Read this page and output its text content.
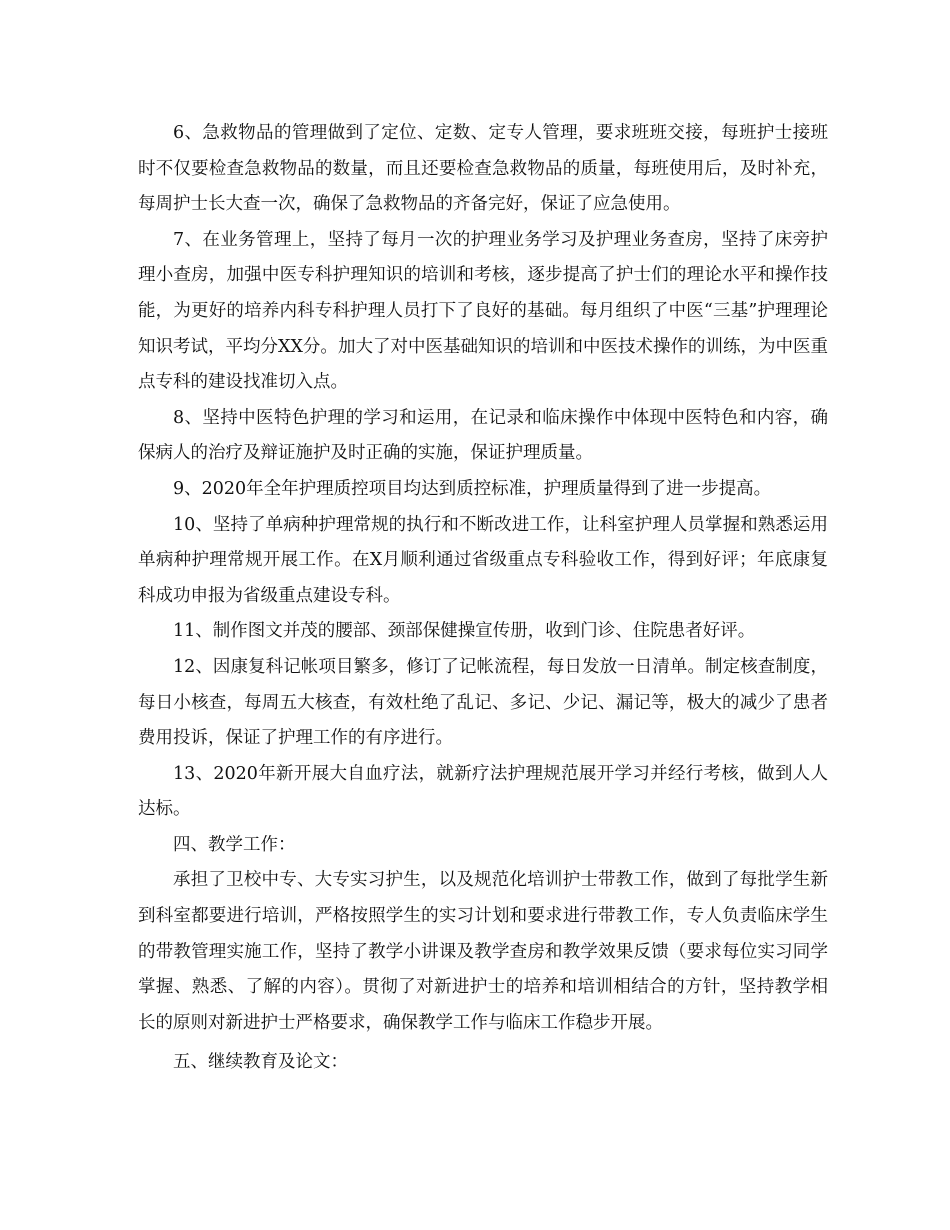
6、急救物品的管理做到了定位、定数、定专人管理，要求班班交接，每班护士接班时不仅要检查急救物品的数量，而且还要检查急救物品的质量，每班使用后，及时补充，每周护士长大查一次，确保了急救物品的齐备完好，保证了应急使用。

7、在业务管理上，坚持了每月一次的护理业务学习及护理业务查房，坚持了床旁护理小查房，加强中医专科护理知识的培训和考核，逐步提高了护士们的理论水平和操作技能，为更好的培养内科专科护理人员打下了良好的基础。每月组织了中医“三基”护理理论知识考试，平均分XX分。加大了对中医基础知识的培训和中医技术操作的训练，为中医重点专科的建设找准切入点。

8、坚持中医特色护理的学习和运用，在记录和临床操作中体现中医特色和内容，确保病人的治疗及辩证施护及时正确的实施，保证护理质量。

9、2020年全年护理质控项目均达到质控标准，护理质量得到了进一步提高。

10、坚持了单病种护理常规的执行和不断改进工作，让科室护理人员掌握和熟悉运用单病种护理常规开展工作。在X月顺利通过省级重点专科验收工作，得到好评；年底康复科成功申报为省级重点建设专科。

11、制作图文并茂的腰部、颈部保健操宣传册，收到门诊、住院患者好评。

12、因康复科记帐项目繁多，修订了记帐流程，每日发放一日清单。制定核查制度，每日小核查，每周五大核查，有效杜绝了乱记、多记、少记、漏记等，极大的减少了患者费用投诉，保证了护理工作的有序进行。

13、2020年新开展大自血疗法，就新疗法护理规范展开学习并经行考核，做到人人达标。

四、教学工作：

承担了卫校中专、大专实习护生，以及规范化培训护士带教工作，做到了每批学生新到科室都要进行培训，严格按照学生的实习计划和要求进行带教工作，专人负责临床学生的带教管理实施工作，坚持了教学小讲课及教学查房和教学效果反馈（要求每位实习同学掌握、熟悉、了解的内容）。贯彻了对新进护士的培养和培训相结合的方针，坚持教学相长的原则对新进护士严格要求，确保教学工作与临床工作稳步开展。

五、继续教育及论文：
